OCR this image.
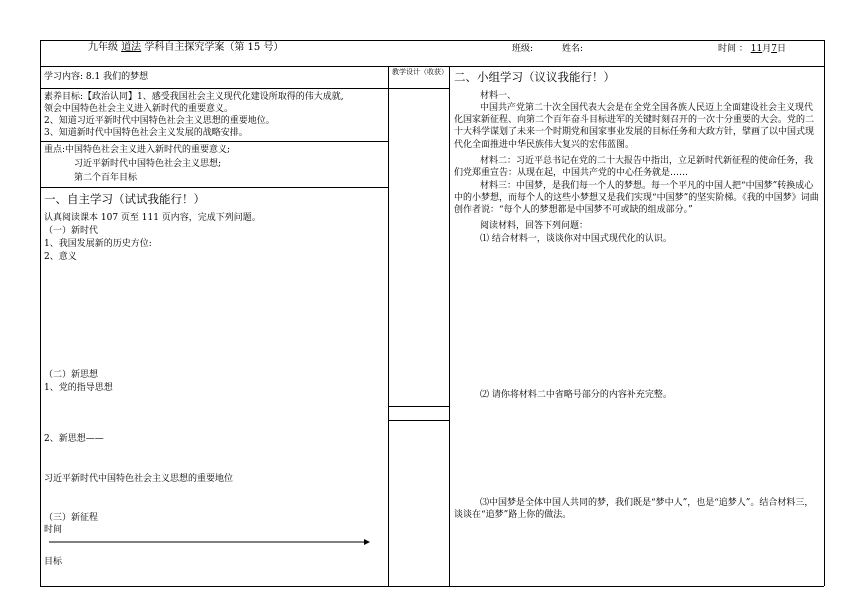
九年级 道法 学科自主探究学案（第 15 号）	班级:	姓名:	时间 ： 11月7日
学习内容: 8.1 我们的梦想
素养目标:【政治认同】1、感受我国社会主义现代化建设所取得的伟大成就,
领会中国特色社会主义进入新时代的重要意义。
2、知道习近平新时代中国特色社会主义思想的重要地位。
3、知道新时代中国特色社会主义发展的战略安排。
重点:中国特色社会主义进入新时代的重要意义;
习近平新时代中国特色社会主义思想;
第二个百年目标
一、自主学习（试试我能行！）
认真阅读课本 107 页至 111 页内容，完成下列问题。
（一）新时代
1、我国发展新的历史方位:
2、意义
（二）新思想
1、党的指导思想
2、新思想——
习近平新时代中国特色社会主义思想的重要地位
（三）新征程
时间
目标
教学设计（收获） 二、小组学习（议议我能行！）
材料一、
中国共产党第二十次全国代表大会是在全党全国各族人民迈上全面建设社会主义现代化国家新征程、向第二个百年奋斗目标进军的关键时刻召开的一次十分重要的大会。党的二十大科学谋划了未来一个时期党和国家事业发展的目标任务和大政方针，擘画了以中国式现代化全面推进中华民族伟大复兴的宏伟蓝图。
材料二：习近平总书记在党的二十大报告中指出，立足新时代新征程的使命任务，我们党郑重宣告：从现在起，中国共产党的中心任务就是……
材料三：中国梦，是我们每一个人的梦想。每一个平凡的中国人把“中国梦”转换成心中的小梦想，而每个人的这些小梦想又是我们实现“中国梦”的坚实阶梯。《我的中国梦》词曲创作者说：“每个人的梦想都是中国梦不可或缺的组成部分。”
阅读材料，回答下列问题：
⑴ 结合材料一，谈谈你对中国式现代化的认识。
⑵ 请你将材料二中省略号部分的内容补充完整。
⑶中国梦是全体中国人共同的梦，我们既是“梦中人”，也是“追梦人”。结合材料三，谈谈在“追梦”路上你的做法。
